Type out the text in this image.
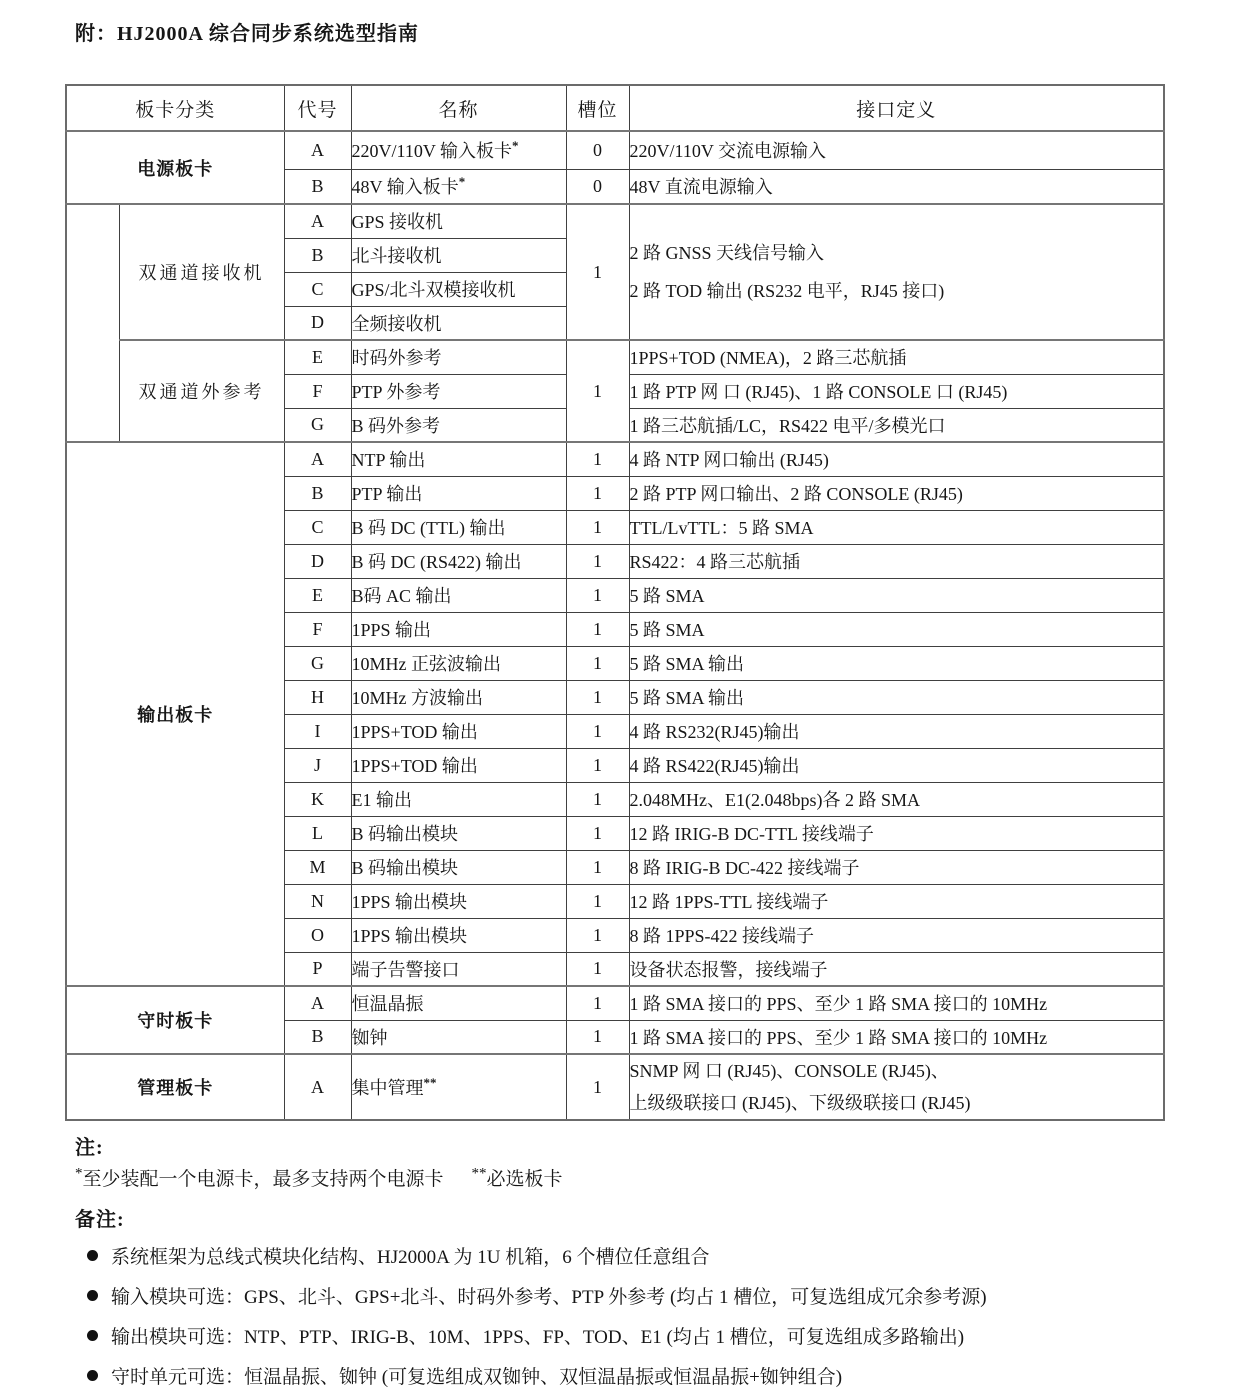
附：HJ2000A 综合同步系统选型指南
板卡分类		代号	名称	槽位	接口定义
电源板卡		A	220V/110V 输入板卡*	0	220V/110V 交流电源输入
		B	48V 输入板卡*	0	48V 直流电源输入
	双通道接收机	A	GPS 接收机	1	2 路 GNSS 天线信号输入
2 路 TOD 输出 (RS232 电平，RJ45 接口)

		B	北斗接收机		
		C	GPS/北斗双模接收机		
		D	全频接收机		
	双通道外参考	E	时码外参考	1	1PPS+TOD (NMEA)，2 路三芯航插
		F	PTP 外参考		1 路 PTP 网 口 (RJ45)、1 路 CONSOLE 口 (RJ45)
		G	B 码外参考		1 路三芯航插/LC，RS422 电平/多模光口
输出板卡		A	NTP 输出	1	4 路 NTP 网口输出 (RJ45)
		B	PTP 输出	1	2 路 PTP 网口输出、2 路 CONSOLE (RJ45)
		C	B 码 DC (TTL) 输出	1	TTL/LvTTL：5 路 SMA
		D	B 码 DC (RS422) 输出	1	RS422：4 路三芯航插
		E	B码 AC 输出	1	5 路 SMA
		F	1PPS 输出	1	5 路 SMA
		G	10MHz 正弦波输出	1	5 路 SMA 输出
		H	10MHz 方波输出	1	5 路 SMA 输出
		I	1PPS+TOD 输出	1	4 路 RS232(RJ45)输出
		J	1PPS+TOD 输出	1	4 路 RS422(RJ45)输出
		K	E1 输出	1	2.048MHz、E1(2.048bps)各 2 路 SMA
		L	B 码输出模块	1	12 路 IRIG-B DC-TTL 接线端子
		M	B 码输出模块	1	8 路 IRIG-B DC-422 接线端子
		N	1PPS 输出模块	1	12 路 1PPS-TTL 接线端子
		O	1PPS 输出模块	1	8 路 1PPS-422 接线端子
		P	端子告警接口	1	设备状态报警，接线端子
守时板卡		A	恒温晶振	1	1 路 SMA 接口的 PPS、至少 1 路 SMA 接口的 10MHz
		B	铷钟	1	1 路 SMA 接口的 PPS、至少 1 路 SMA 接口的 10MHz
管理板卡		A	集中管理**	1	SNMP 网 口 (RJ45)、CONSOLE (RJ45)、
上级级联接口 (RJ45)、下级级联接口 (RJ45)
注:
*至少装配一个电源卡，最多支持两个电源卡 **必选板卡
备注:
系统框架为总线式模块化结构、HJ2000A 为 1U 机箱，6 个槽位任意组合
输入模块可选：GPS、北斗、GPS+北斗、时码外参考、PTP 外参考 (均占 1 槽位，可复选组成冗余参考源)
输出模块可选：NTP、PTP、IRIG-B、10M、1PPS、FP、TOD、E1 (均占 1 槽位，可复选组成多路输出)
守时单元可选：恒温晶振、铷钟 (可复选组成双铷钟、双恒温晶振或恒温晶振+铷钟组合)
